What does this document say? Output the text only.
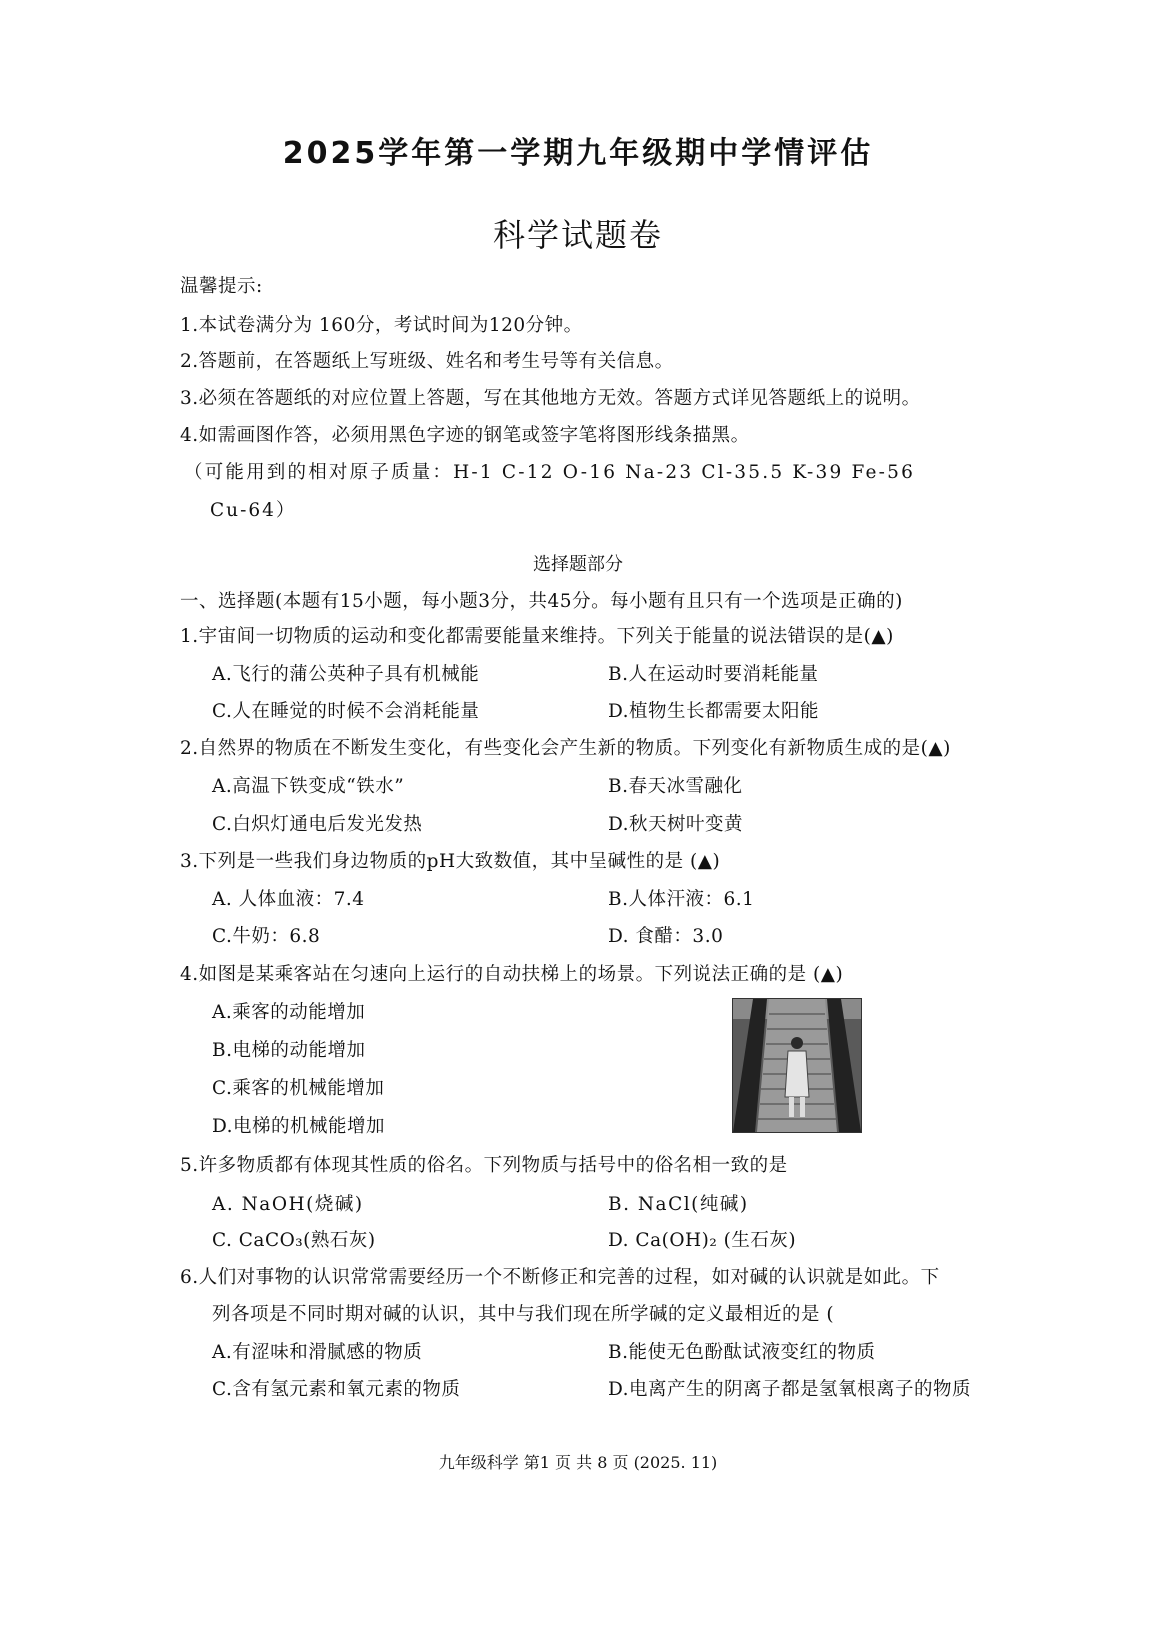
2025学年第一学期九年级期中学情评估
科学试题卷
温馨提示:
1.本试卷满分为 160分，考试时间为120分钟。
2.答题前，在答题纸上写班级、姓名和考生号等有关信息。
3.必须在答题纸的对应位置上答题，写在其他地方无效。答题方式详见答题纸上的说明。
4.如需画图作答，必须用黑色字迹的钢笔或签字笔将图形线条描黑。
（可能用到的相对原子质量：H-1 C-12 O-16 Na-23 Cl-35.5 K-39 Fe-56
Cu-64）
选择题部分
一、选择题(本题有15小题，每小题3分，共45分。每小题有且只有一个选项是正确的)
1.宇宙间一切物质的运动和变化都需要能量来维持。下列关于能量的说法错误的是(▲)
A.飞行的蒲公英种子具有机械能	B.人在运动时要消耗能量
C.人在睡觉的时候不会消耗能量	D.植物生长都需要太阳能
2.自然界的物质在不断发生变化，有些变化会产生新的物质。下列变化有新物质生成的是(▲)
A.高温下铁变成“铁水”	B.春天冰雪融化
C.白炽灯通电后发光发热	D.秋天树叶变黄
3.下列是一些我们身边物质的pH大致数值，其中呈碱性的是 (▲)
A. 人体血液：7.4	B.人体汗液：6.1
C.牛奶：6.8	D. 食醋：3.0
4.如图是某乘客站在匀速向上运行的自动扶梯上的场景。下列说法正确的是 (▲)
A.乘客的动能增加
B.电梯的动能增加
C.乘客的机械能增加
D.电梯的机械能增加
5.许多物质都有体现其性质的俗名。下列物质与括号中的俗名相一致的是
A. NaOH(烧碱)	B. NaCl(纯碱)
C. CaCO₃(熟石灰)	D. Ca(OH)₂ (生石灰)
6.人们对事物的认识常常需要经历一个不断修正和完善的过程，如对碱的认识就是如此。下
列各项是不同时期对碱的认识，其中与我们现在所学碱的定义最相近的是 (
A.有涩味和滑腻感的物质	B.能使无色酚酞试液变红的物质
C.含有氢元素和氧元素的物质	D.电离产生的阴离子都是氢氧根离子的物质
九年级科学 第1 页 共 8 页 (2025. 11)
